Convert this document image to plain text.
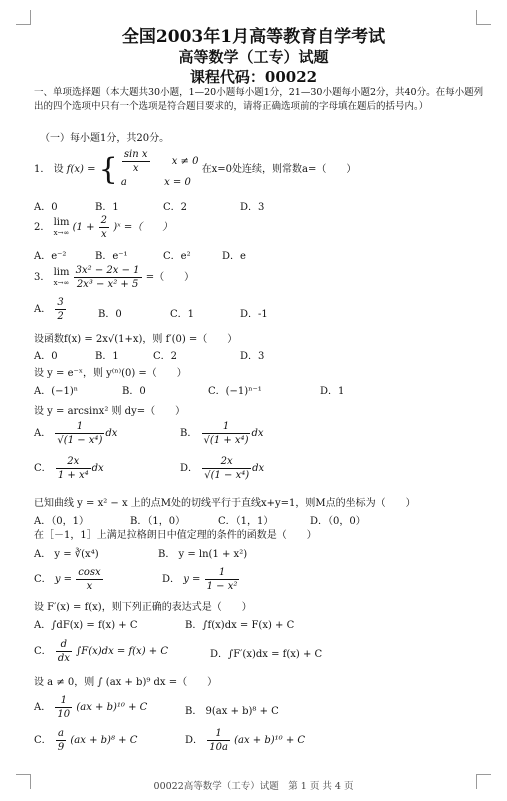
全国2003年1月高等教育自学考试
高等数学（工专）试题
课程代码：00022
一、单项选择题（本大题共30小题，1—20小题每小题1分，21—30小题每小题2分，共40分。在每小题列出的四个选项中只有一个选项是符合题目要求的，请将正确选项前的字母填在题后的括号内。）
（一）每小题1分，共20分。
1． 设 f(x) = { $\frac{\text{sin x}}{x}$ x ≠ 0
a	x = 0
在x=0处连续，则常数a=（　　）
A．0	B．1	C．2	D．3
2． lim
x→∞ ($1 + \frac{2}{x}$ )ˣ =（　　）
A．e⁻²	B．e⁻¹	C．e²	D．e
3． lim
x→∞
$\frac{\text{3x² − 2x − 1}}{\text{2x³ − x² + 5}}$ =（　　）
A． $\frac{3}{2}$	B．0	C．1	D．-1
设函数f(x) = 2x√(1+x)，则 f′(0) =（　　）
A．0	B．1	C．2	D．3
设 y = e⁻ˣ，则 y⁽ⁿ⁾(0) =（　　）
A．(−1)ⁿ	B．0	C．(−1)ⁿ⁻¹	D．1
设 y = arcsinx² 则 dy=（　　）
A． $\frac{1}{\text{√(1 − x⁴)}}$ dx	B． $\frac{1}{\text{√(1 + x⁴)}}$ dx
C． $\frac{2x}{\text{1 + x⁴}}$ dx	D． $\frac{2x}{\text{√(1 − x⁴)}}$ dx
已知曲线 y = x² − x 上的点M处的切线平行于直线x+y=1，则M点的坐标为（　　）
A．（0，1）	B．（1，0）	C．（1，1）	D．（0，0）
在［－1，1］上满足拉格朗日中值定理的条件的函数是（　　）
A． y = ∛(x⁴)	B． y = ln(1 + x²)
C． $y = \frac{\cos x}{x}$	D． $y = \frac{1}{\text{1 − x²}}$
设 F′(x) = f(x)，则下列正确的表达式是（　　）
A．∫dF(x) = f(x) + C	B．∫f(x)dx = F(x) + C
C． $\frac{d}{dx} \int F(x)dx = f(x) + C$	D．∫F′(x)dx = f(x) + C
设 a ≠ 0，则 ∫ (ax + b)⁹ dx =（　　）
A． $\frac{1}{10} (ax + b)^{10} + C$	B． 9(ax + b)⁸ + C
C． $\frac{a}{9} (ax + b)^8 + C$	D． $\frac{1}{10a} (ax + b)^{10} + C$
00022高等数学（工专）试题　第 1 页 共 4 页
